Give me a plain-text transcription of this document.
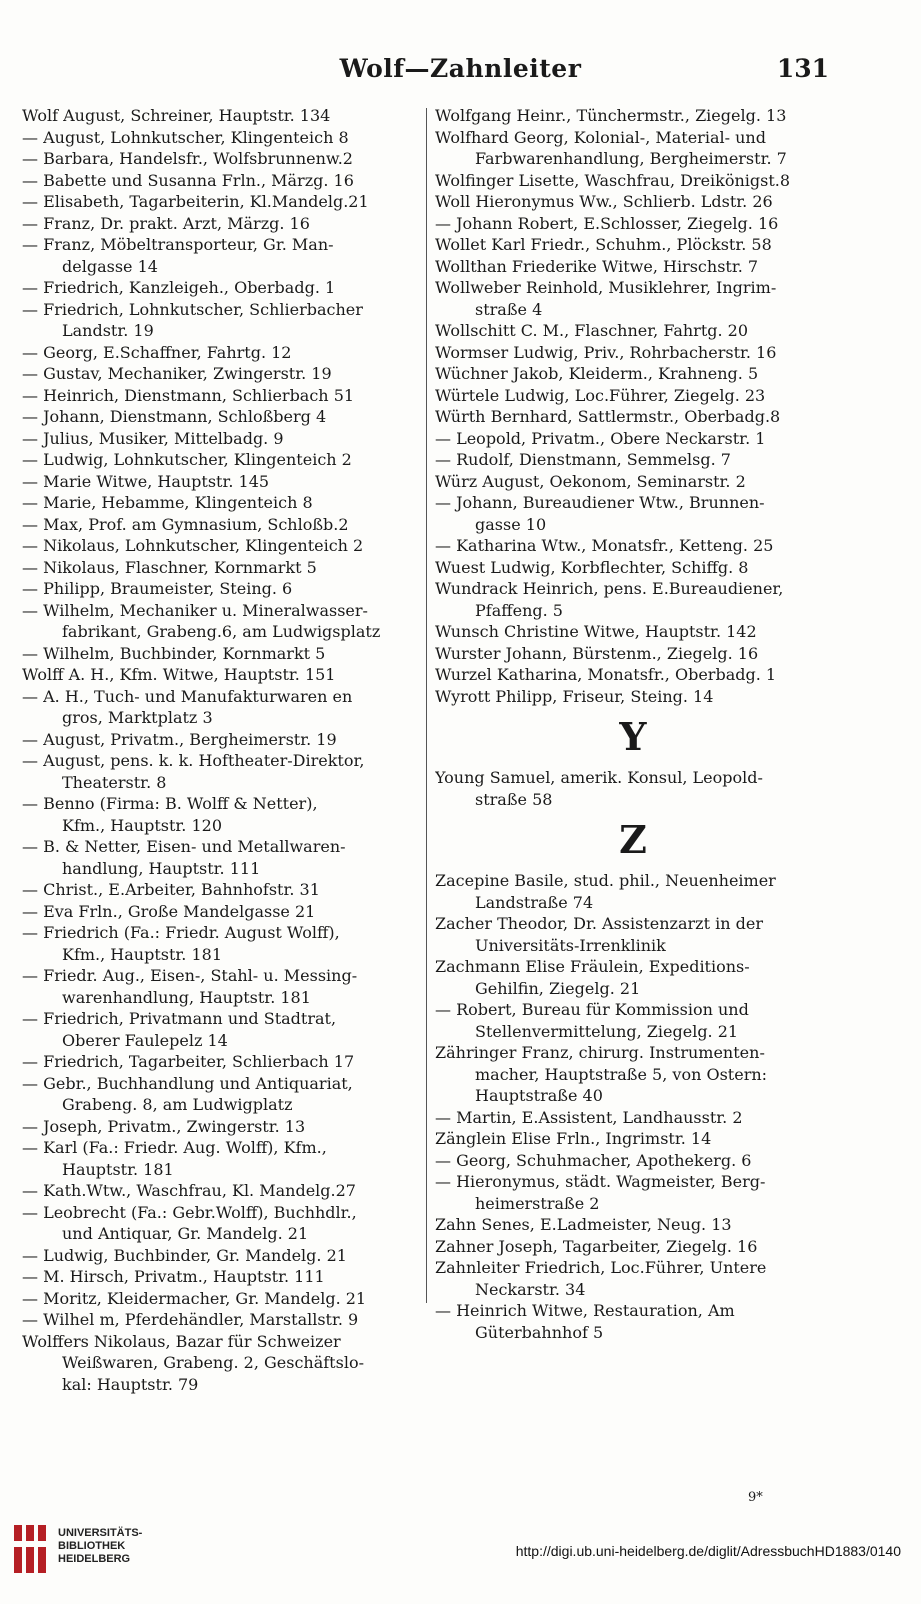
Wolf—Zahnleiter	131
Wolf August, Schreiner, Hauptstr. 134
— August, Lohnkutscher, Klingenteich 8
— Barbara, Handelsfr., Wolfsbrunnenw.2
— Babette und Susanna Frln., Märzg. 16
— Elisabeth, Tagarbeiterin, Kl.Mandelg.21
— Franz, Dr. prakt. Arzt, Märzg. 16
— Franz, Möbeltransporteur, Gr. Man-
delgasse 14
— Friedrich, Kanzleigeh., Oberbadg. 1
— Friedrich, Lohnkutscher, Schlierbacher
Landstr. 19
— Georg, E.Schaffner, Fahrtg. 12
— Gustav, Mechaniker, Zwingerstr. 19
— Heinrich, Dienstmann, Schlierbach 51
— Johann, Dienstmann, Schloßberg 4
— Julius, Musiker, Mittelbadg. 9
— Ludwig, Lohnkutscher, Klingenteich 2
— Marie Witwe, Hauptstr. 145
— Marie, Hebamme, Klingenteich 8
— Max, Prof. am Gymnasium, Schloßb.2
— Nikolaus, Lohnkutscher, Klingenteich 2
— Nikolaus, Flaschner, Kornmarkt 5
— Philipp, Braumeister, Steing. 6
— Wilhelm, Mechaniker u. Mineralwasser-
fabrikant, Grabeng.6, am Ludwigsplatz
— Wilhelm, Buchbinder, Kornmarkt 5
Wolff A. H., Kfm. Witwe, Hauptstr. 151
— A. H., Tuch- und Manufakturwaren en
gros, Marktplatz 3
— August, Privatm., Bergheimerstr. 19
— August, pens. k. k. Hoftheater-Direktor,
Theaterstr. 8
— Benno (Firma: B. Wolff & Netter),
Kfm., Hauptstr. 120
— B. & Netter, Eisen- und Metallwaren-
handlung, Hauptstr. 111
— Christ., E.Arbeiter, Bahnhofstr. 31
— Eva Frln., Große Mandelgasse 21
— Friedrich (Fa.: Friedr. August Wolff),
Kfm., Hauptstr. 181
— Friedr. Aug., Eisen-, Stahl- u. Messing-
warenhandlung, Hauptstr. 181
— Friedrich, Privatmann und Stadtrat,
Oberer Faulepelz 14
— Friedrich, Tagarbeiter, Schlierbach 17
— Gebr., Buchhandlung und Antiquariat,
Grabeng. 8, am Ludwigplatz
— Joseph, Privatm., Zwingerstr. 13
— Karl (Fa.: Friedr. Aug. Wolff), Kfm.,
Hauptstr. 181
— Kath.Wtw., Waschfrau, Kl. Mandelg.27
— Leobrecht (Fa.: Gebr.Wolff), Buchhdlr.,
und Antiquar, Gr. Mandelg. 21
— Ludwig, Buchbinder, Gr. Mandelg. 21
— M. Hirsch, Privatm., Hauptstr. 111
— Moritz, Kleidermacher, Gr. Mandelg. 21
— Wilhel m, Pferdehändler, Marstallstr. 9
Wolffers Nikolaus, Bazar für Schweizer
Weißwaren, Grabeng. 2, Geschäftslo-
kal: Hauptstr. 79
Wolfgang Heinr., Tünchermstr., Ziegelg. 13
Wolfhard Georg, Kolonial-, Material- und
Farbwarenhandlung, Bergheimerstr. 7
Wolfinger Lisette, Waschfrau, Dreikönigst.8
Woll Hieronymus Ww., Schlierb. Ldstr. 26
— Johann Robert, E.Schlosser, Ziegelg. 16
Wollet Karl Friedr., Schuhm., Plöckstr. 58
Wollthan Friederike Witwe, Hirschstr. 7
Wollweber Reinhold, Musiklehrer, Ingrim-
straße 4
Wollschitt C. M., Flaschner, Fahrtg. 20
Wormser Ludwig, Priv., Rohrbacherstr. 16
Wüchner Jakob, Kleiderm., Krahneng. 5
Würtele Ludwig, Loc.Führer, Ziegelg. 23
Würth Bernhard, Sattlermstr., Oberbadg.8
— Leopold, Privatm., Obere Neckarstr. 1
— Rudolf, Dienstmann, Semmelsg. 7
Würz August, Oekonom, Seminarstr. 2
— Johann, Bureaudiener Wtw., Brunnen-
gasse 10
— Katharina Wtw., Monatsfr., Ketteng. 25
Wuest Ludwig, Korbflechter, Schiffg. 8
Wundrack Heinrich, pens. E.Bureaudiener,
Pfaffeng. 5
Wunsch Christine Witwe, Hauptstr. 142
Wurster Johann, Bürstenm., Ziegelg. 16
Wurzel Katharina, Monatsfr., Oberbadg. 1
Wyrott Philipp, Friseur, Steing. 14
Y
Young Samuel, amerik. Konsul, Leopold-
straße 58
Z
Zacepine Basile, stud. phil., Neuenheimer
Landstraße 74
Zacher Theodor, Dr. Assistenzarzt in der
Universitäts-Irrenklinik
Zachmann Elise Fräulein, Expeditions-
Gehilfin, Ziegelg. 21
— Robert, Bureau für Kommission und
Stellenvermittelung, Ziegelg. 21
Zähringer Franz, chirurg. Instrumenten-
macher, Hauptstraße 5, von Ostern:
Hauptstraße 40
— Martin, E.Assistent, Landhausstr. 2
Zänglein Elise Frln., Ingrimstr. 14
— Georg, Schuhmacher, Apothekerg. 6
— Hieronymus, städt. Wagmeister, Berg-
heimerstraße 2
Zahn Senes, E.Ladmeister, Neug. 13
Zahner Joseph, Tagarbeiter, Ziegelg. 16
Zahnleiter Friedrich, Loc.Führer, Untere
Neckarstr. 34
— Heinrich Witwe, Restauration, Am
Güterbahnhof 5
9*
UNIVERSITÄTS-
BIBLIOTHEK
HEIDELBERG	http://digi.ub.uni-heidelberg.de/diglit/AdressbuchHD1883/0140
